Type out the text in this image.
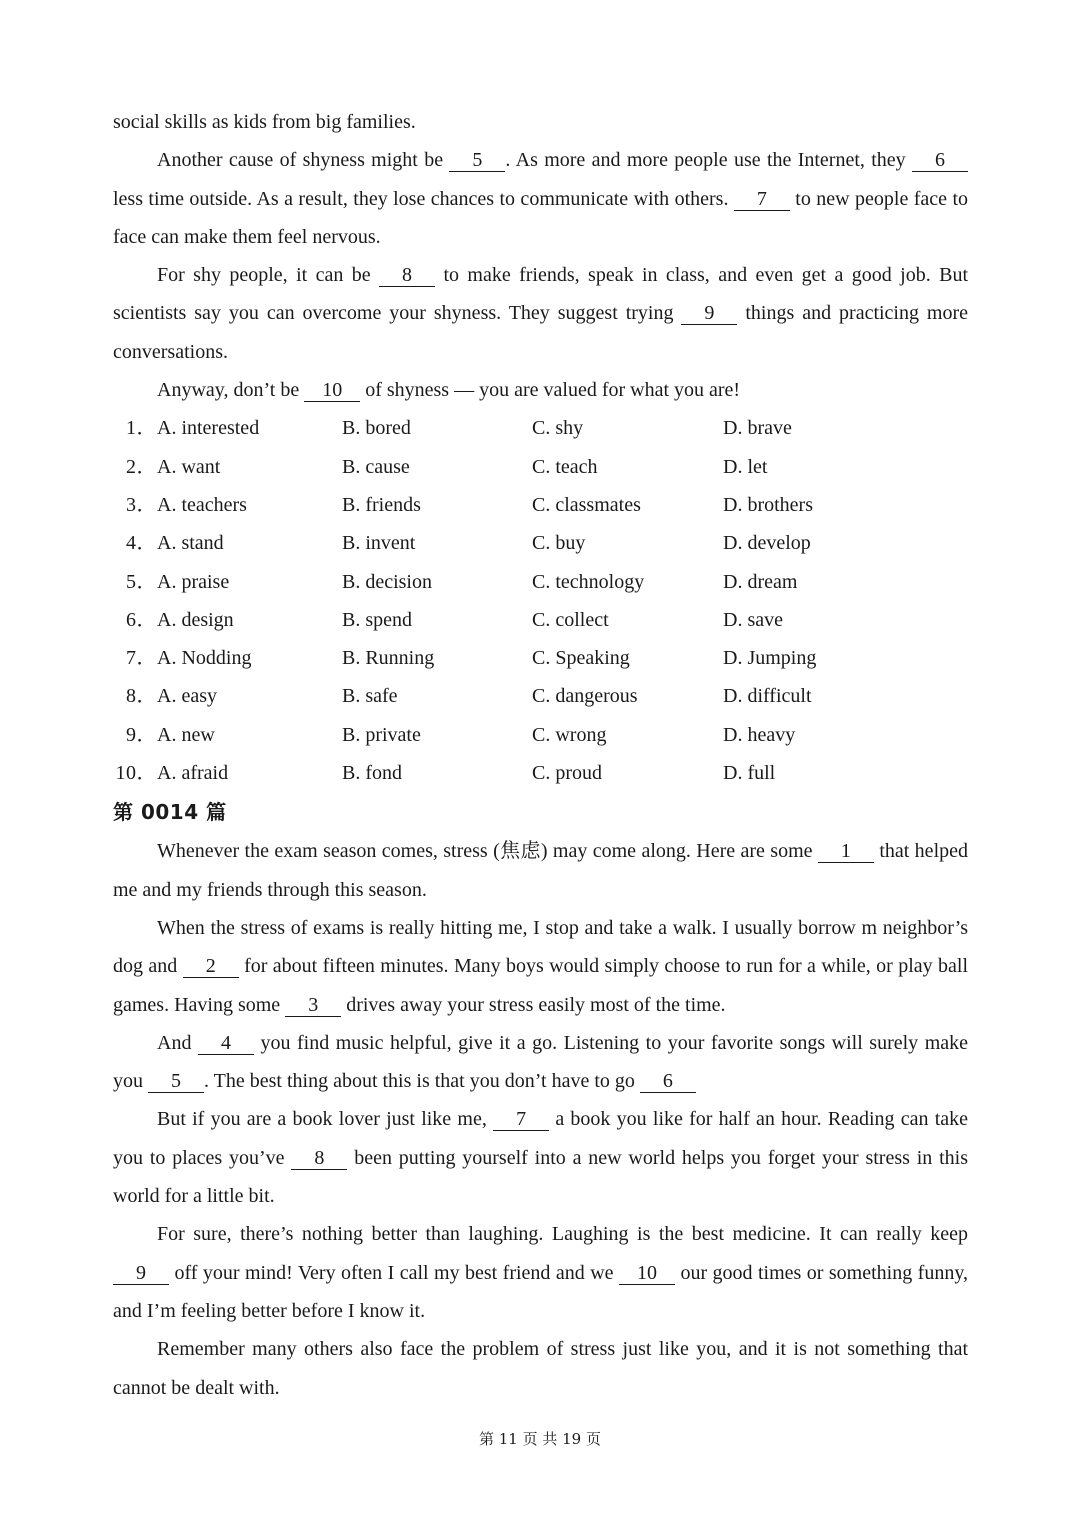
social skills as kids from big families.

Another cause of shyness might be 5 . As more and more people use the Internet, they 6 less time outside. As a result, they lose chances to communicate with others. 7 to new people face to face can make them feel nervous.

For shy people, it can be 8 to make friends, speak in class, and even get a good job. But scientists say you can overcome your shyness. They suggest trying 9 things and practicing more conversations.

Anyway, don’t be 10 of shyness — you are valued for what you are!

1． A. interested	B. bored	C. shy	D. brave
2． A. want	B. cause	C. teach	D. let
3． A. teachers	B. friends	C. classmates	D. brothers
4． A. stand	B. invent	C. buy	D. develop
5． A. praise	B. decision	C. technology	D. dream
6． A. design	B. spend	C. collect	D. save
7． A. Nodding	B. Running	C. Speaking	D. Jumping
8． A. easy	B. safe	C. dangerous	D. difficult
9． A. new	B. private	C. wrong	D. heavy
10． A. afraid	B. fond	C. proud	D. full

第 0014 篇

Whenever the exam season comes, stress (焦虑) may come along. Here are some 1 that helped me and my friends through this season.

When the stress of exams is really hitting me, I stop and take a walk. I usually borrow m neighbor’s dog and 2 for about fifteen minutes. Many boys would simply choose to run for a while, or play ball games. Having some 3 drives away your stress easily most of the time.

And 4 you find music helpful, give it a go. Listening to your favorite songs will surely make you 5 . The best thing about this is that you don’t have to go 6

But if you are a book lover just like me, 7 a book you like for half an hour. Reading can take you to places you’ve 8 been putting yourself into a new world helps you forget your stress in this world for a little bit.

For sure, there’s nothing better than laughing. Laughing is the best medicine. It can really keep 9 off your mind! Very often I call my best friend and we 10 our good times or something funny, and I’m feeling better before I know it.

Remember many others also face the problem of stress just like you, and it is not something that cannot be dealt with.

第 11 页 共 19 页
